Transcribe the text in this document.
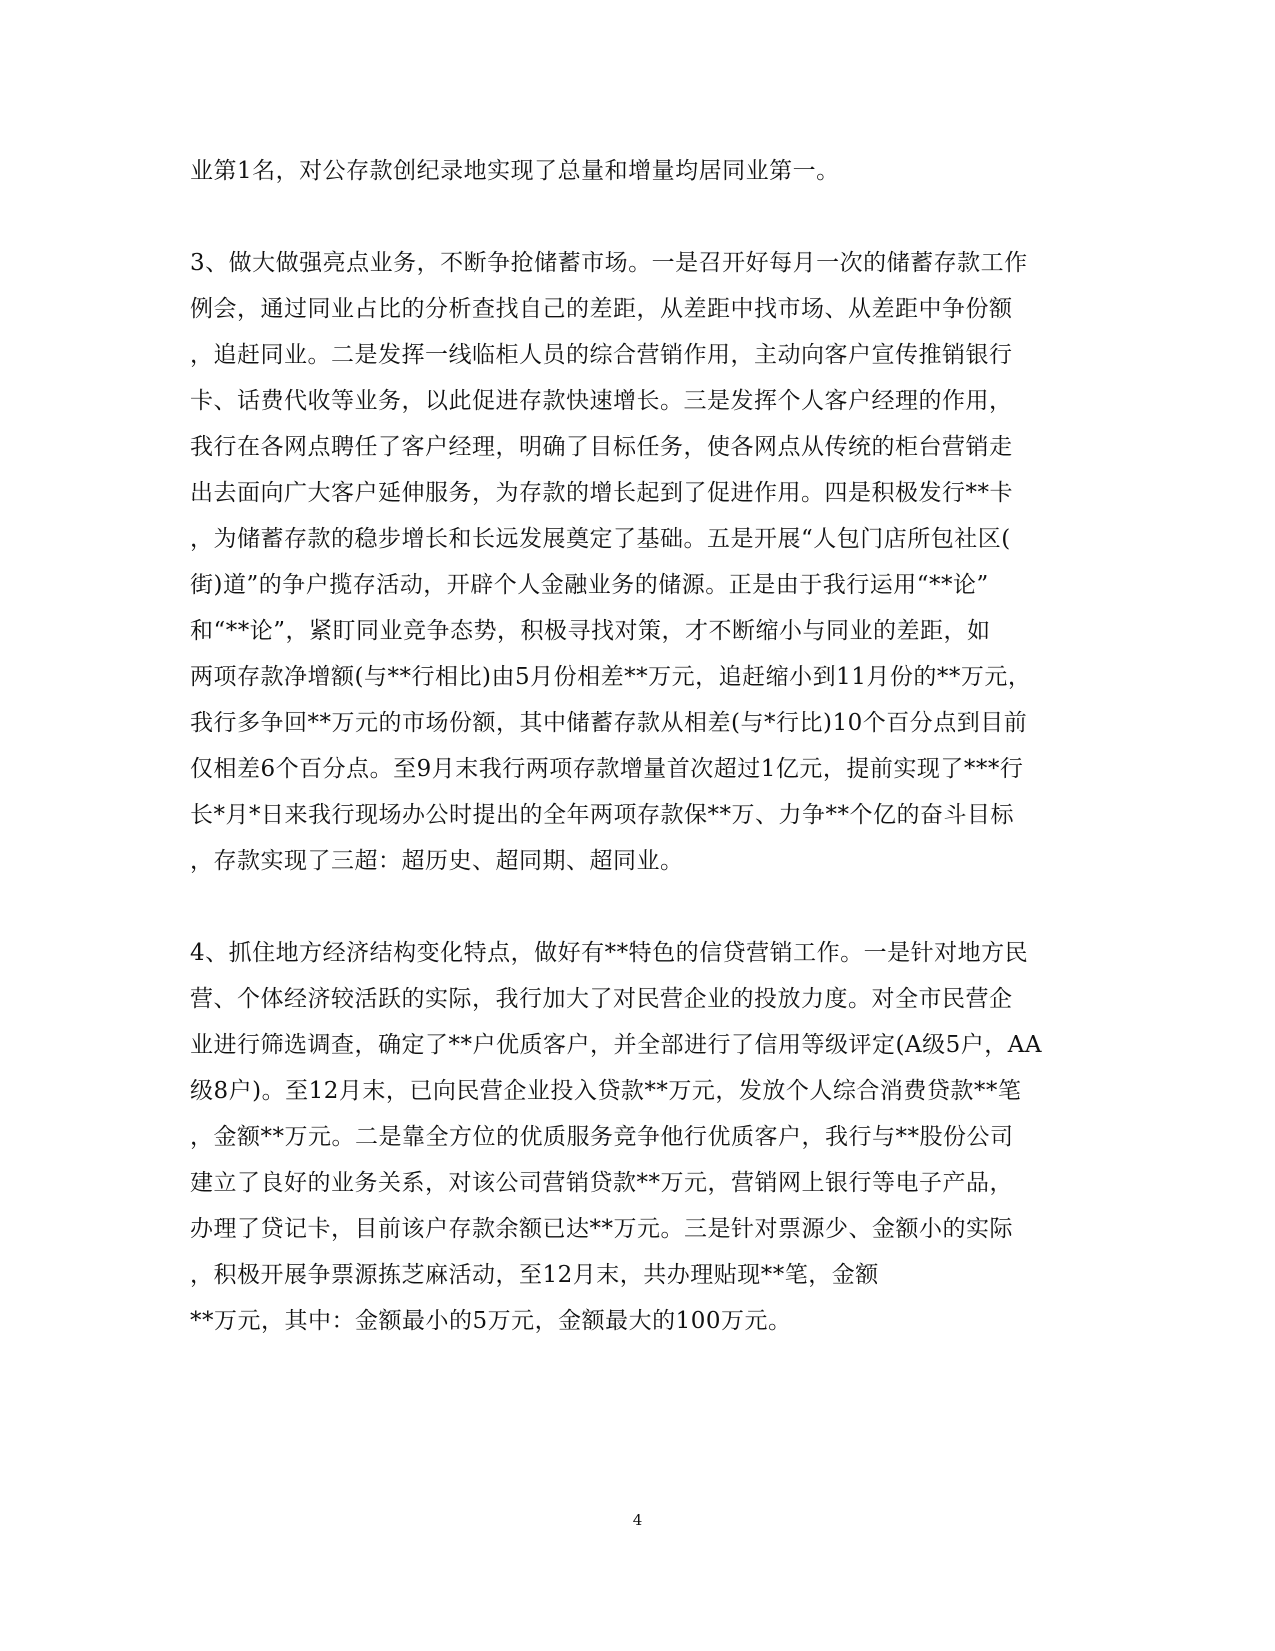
业第1名，对公存款创纪录地实现了总量和增量均居同业第一。
3、做大做强亮点业务，不断争抢储蓄市场。一是召开好每月一次的储蓄存款工作
例会，通过同业占比的分析查找自己的差距，从差距中找市场、从差距中争份额
，追赶同业。二是发挥一线临柜人员的综合营销作用，主动向客户宣传推销银行
卡、话费代收等业务，以此促进存款快速增长。三是发挥个人客户经理的作用，
我行在各网点聘任了客户经理，明确了目标任务，使各网点从传统的柜台营销走
出去面向广大客户延伸服务，为存款的增长起到了促进作用。四是积极发行**卡
，为储蓄存款的稳步增长和长远发展奠定了基础。五是开展“人包门店所包社区(
街)道”的争户揽存活动，开辟个人金融业务的储源。正是由于我行运用“**论”
和“**论”，紧盯同业竞争态势，积极寻找对策，才不断缩小与同业的差距，如
两项存款净增额(与**行相比)由5月份相差**万元，追赶缩小到11月份的**万元，
我行多争回**万元的市场份额，其中储蓄存款从相差(与*行比)10个百分点到目前
仅相差6个百分点。至9月末我行两项存款增量首次超过1亿元，提前实现了***行
长*月*日来我行现场办公时提出的全年两项存款保**万、力争**个亿的奋斗目标
，存款实现了三超：超历史、超同期、超同业。
4、抓住地方经济结构变化特点，做好有**特色的信贷营销工作。一是针对地方民
营、个体经济较活跃的实际，我行加大了对民营企业的投放力度。对全市民营企
业进行筛选调查，确定了**户优质客户，并全部进行了信用等级评定(A级5户，AA
级8户)。至12月末，已向民营企业投入贷款**万元，发放个人综合消费贷款**笔
，金额**万元。二是靠全方位的优质服务竞争他行优质客户，我行与**股份公司
建立了良好的业务关系，对该公司营销贷款**万元，营销网上银行等电子产品，
办理了贷记卡，目前该户存款余额已达**万元。三是针对票源少、金额小的实际
，积极开展争票源拣芝麻活动，至12月末，共办理贴现**笔，金额
**万元，其中：金额最小的5万元，金额最大的100万元。
4
